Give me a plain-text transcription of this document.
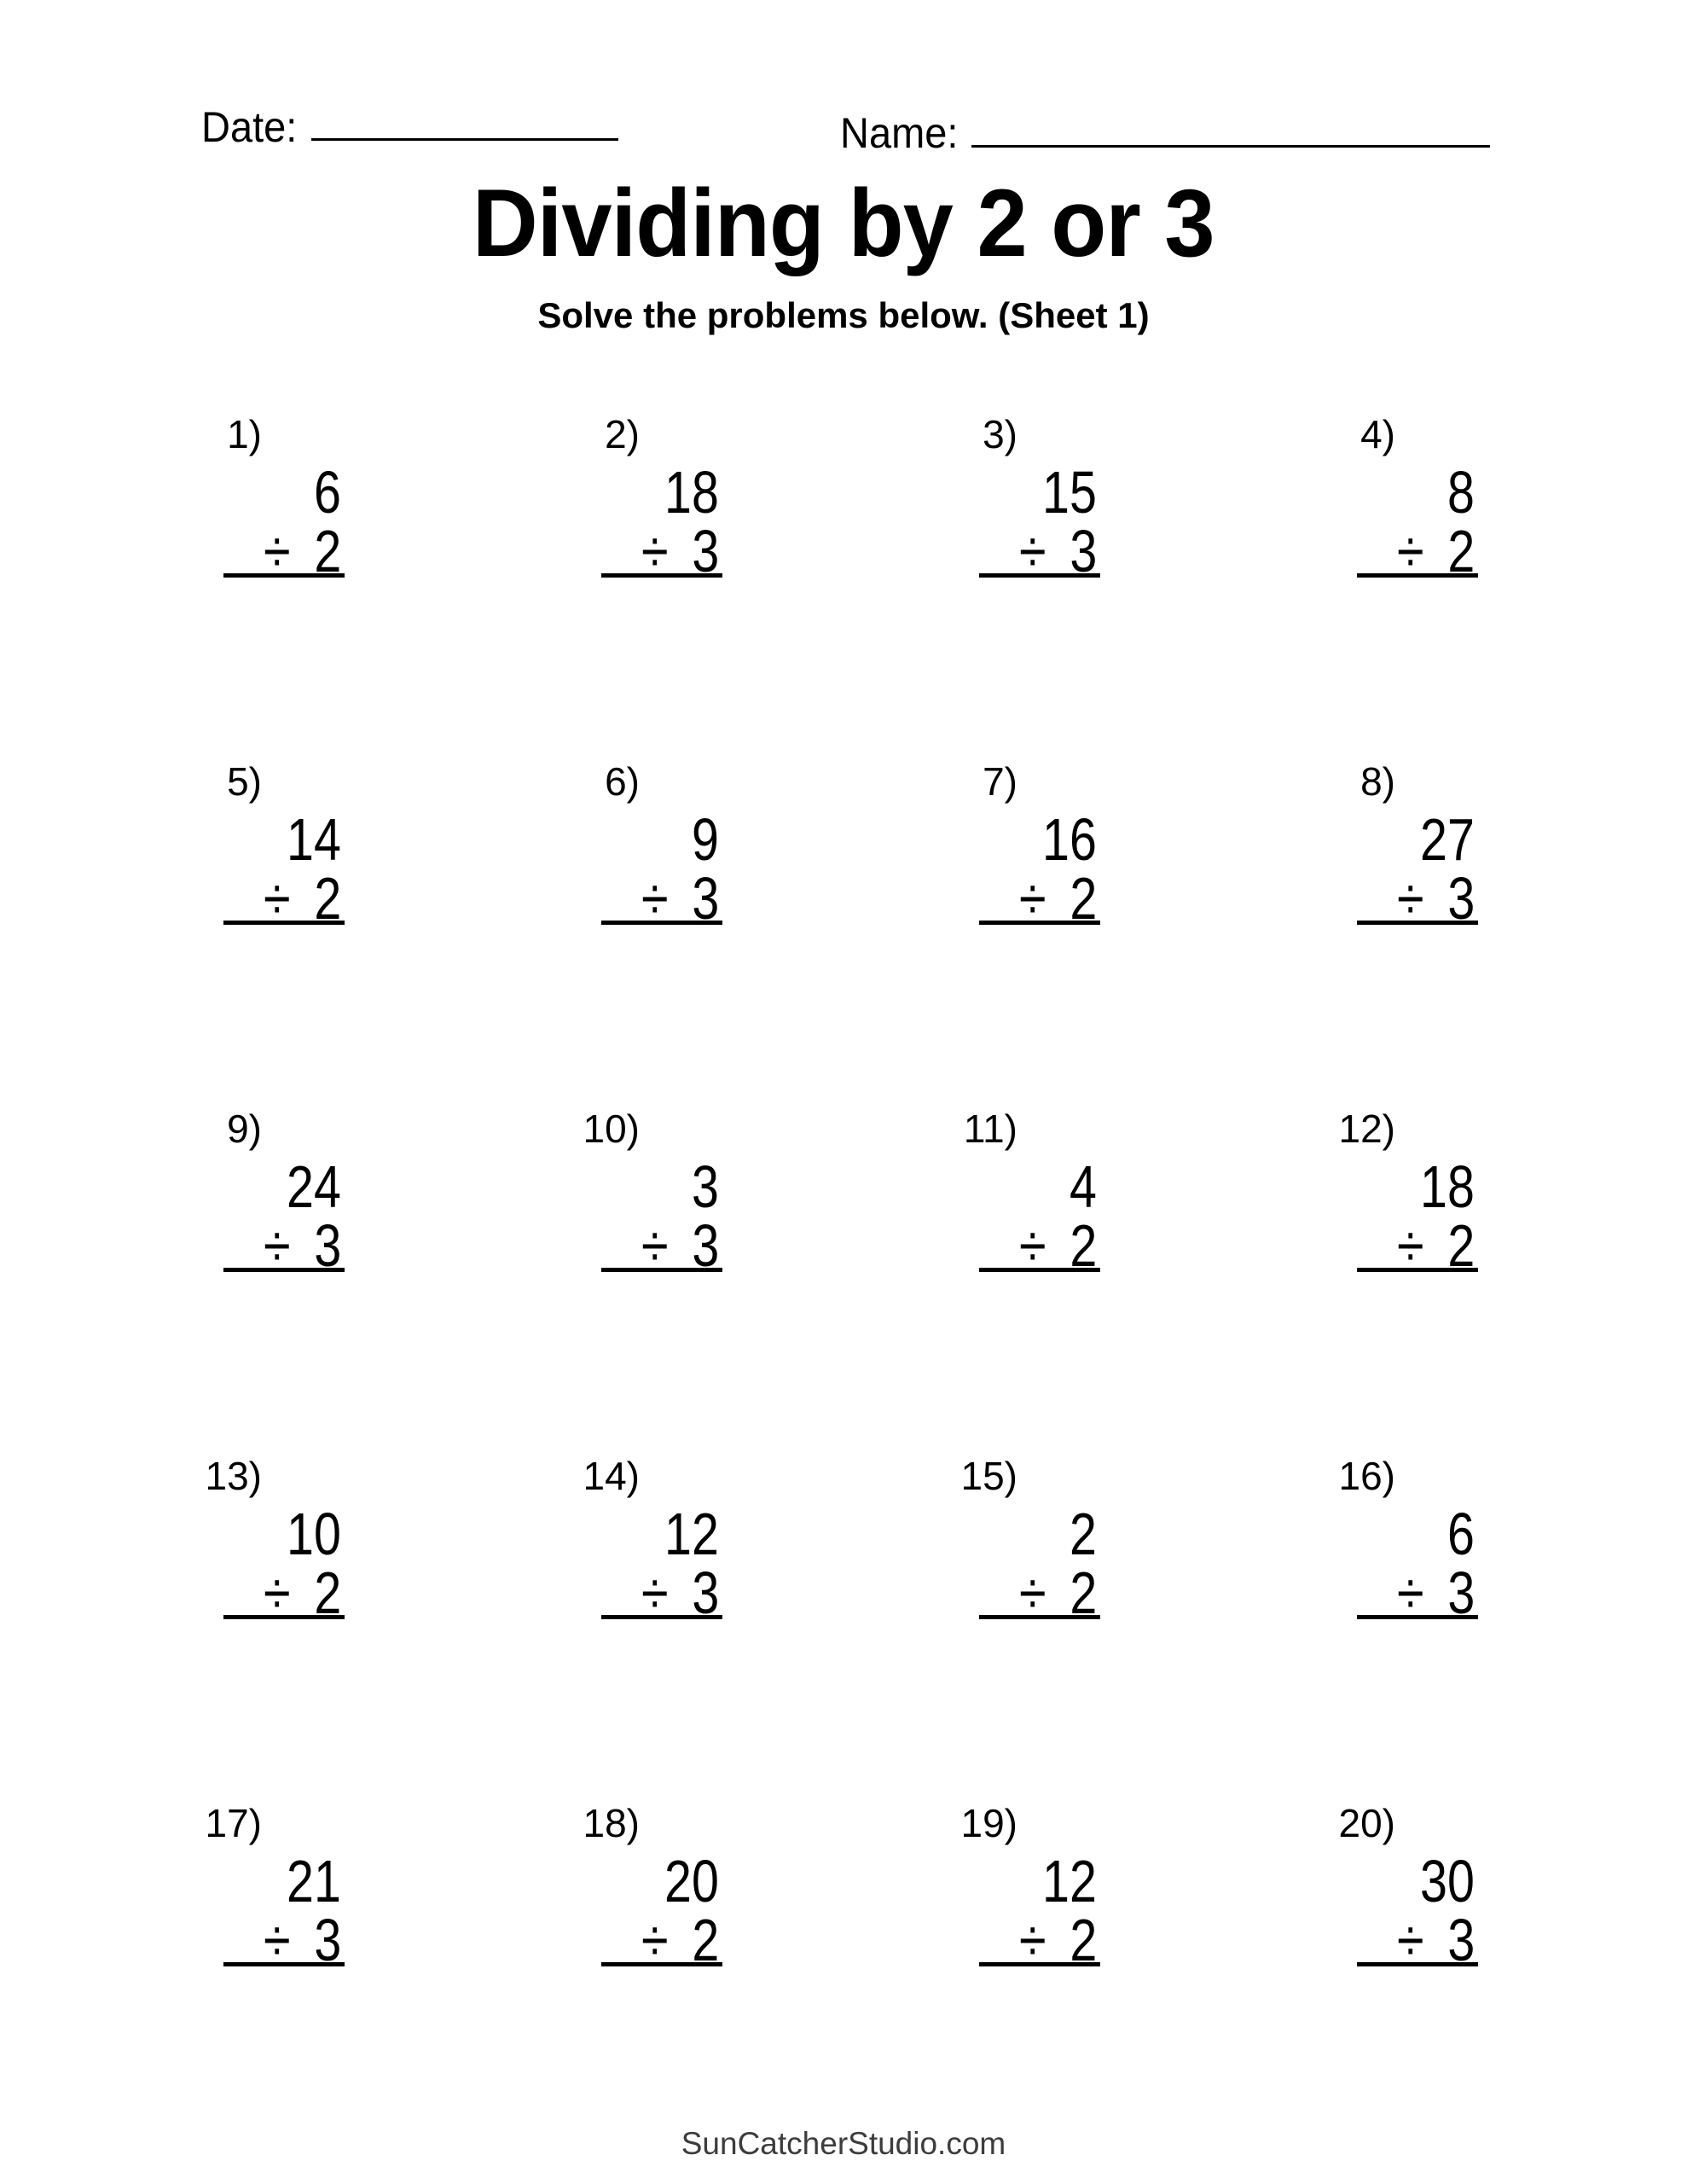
Date:	Name:
Dividing by 2 or 3
Solve the problems below. (Sheet 1)
1)
6
÷ 2
2)
18
÷ 3
3)
15
÷ 3
4)
8
÷ 2
5)
14
÷ 2
6)
9
÷ 3
7)
16
÷ 2
8)
27
÷ 3
9)
24
÷ 3
10)
3
÷ 3
11)
4
÷ 2
12)
18
÷ 2
13)
10
÷ 2
14)
12
÷ 3
15)
2
÷ 2
16)
6
÷ 3
17)
21
÷ 3
18)
20
÷ 2
19)
12
÷ 2
20)
30
÷ 3
SunCatcherStudio.com
